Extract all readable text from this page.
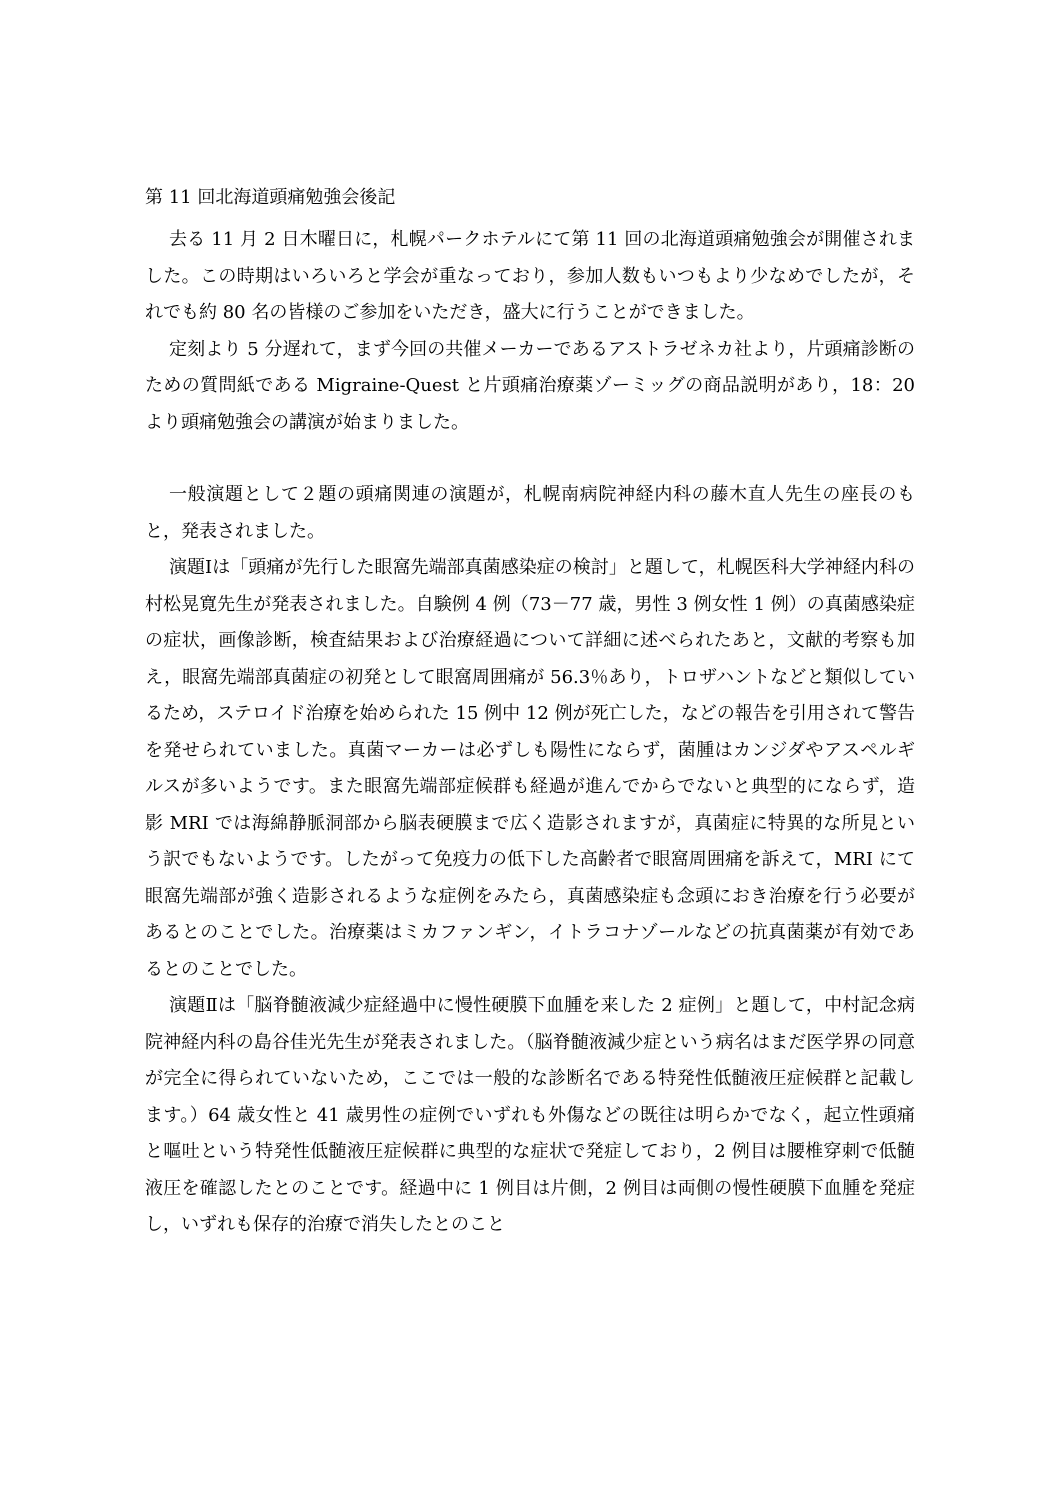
第 11 回北海道頭痛勉強会後記

去る 11 月 2 日木曜日に，札幌パークホテルにて第 11 回の北海道頭痛勉強会が開催されました。この時期はいろいろと学会が重なっており，参加人数もいつもより少なめでしたが，それでも約 80 名の皆様のご参加をいただき，盛大に行うことができました。

定刻より 5 分遅れて，まず今回の共催メーカーであるアストラゼネカ社より，片頭痛診断のための質問紙である Migraine-Quest と片頭痛治療薬ゾーミッグの商品説明があり，18：20 より頭痛勉強会の講演が始まりました。

一般演題として２題の頭痛関連の演題が，札幌南病院神経内科の藤木直人先生の座長のもと，発表されました。

演題Ⅰは「頭痛が先行した眼窩先端部真菌感染症の検討」と題して，札幌医科大学神経内科の村松晃寛先生が発表されました。自験例 4 例（73－77 歳，男性 3 例女性 1 例）の真菌感染症の症状，画像診断，検査結果および治療経過について詳細に述べられたあと，文献的考察も加え，眼窩先端部真菌症の初発として眼窩周囲痛が 56.3％あり，トロザハントなどと類似しているため，ステロイド治療を始められた 15 例中 12 例が死亡した，などの報告を引用されて警告を発せられていました。真菌マーカーは必ずしも陽性にならず，菌腫はカンジダやアスペルギルスが多いようです。また眼窩先端部症候群も経過が進んでからでないと典型的にならず，造影 MRI では海綿静脈洞部から脳表硬膜まで広く造影されますが，真菌症に特異的な所見という訳でもないようです。したがって免疫力の低下した高齢者で眼窩周囲痛を訴えて，MRI にて眼窩先端部が強く造影されるような症例をみたら，真菌感染症も念頭におき治療を行う必要があるとのことでした。治療薬はミカファンギン，イトラコナゾールなどの抗真菌薬が有効であるとのことでした。

演題Ⅱは「脳脊髄液減少症経過中に慢性硬膜下血腫を来した 2 症例」と題して，中村記念病院神経内科の島谷佳光先生が発表されました。（脳脊髄液減少症という病名はまだ医学界の同意が完全に得られていないため，ここでは一般的な診断名である特発性低髄液圧症候群と記載します。）64 歳女性と 41 歳男性の症例でいずれも外傷などの既往は明らかでなく，起立性頭痛と嘔吐という特発性低髄液圧症候群に典型的な症状で発症しており，2 例目は腰椎穿刺で低髄液圧を確認したとのことです。経過中に 1 例目は片側，2 例目は両側の慢性硬膜下血腫を発症し，いずれも保存的治療で消失したとのこと
